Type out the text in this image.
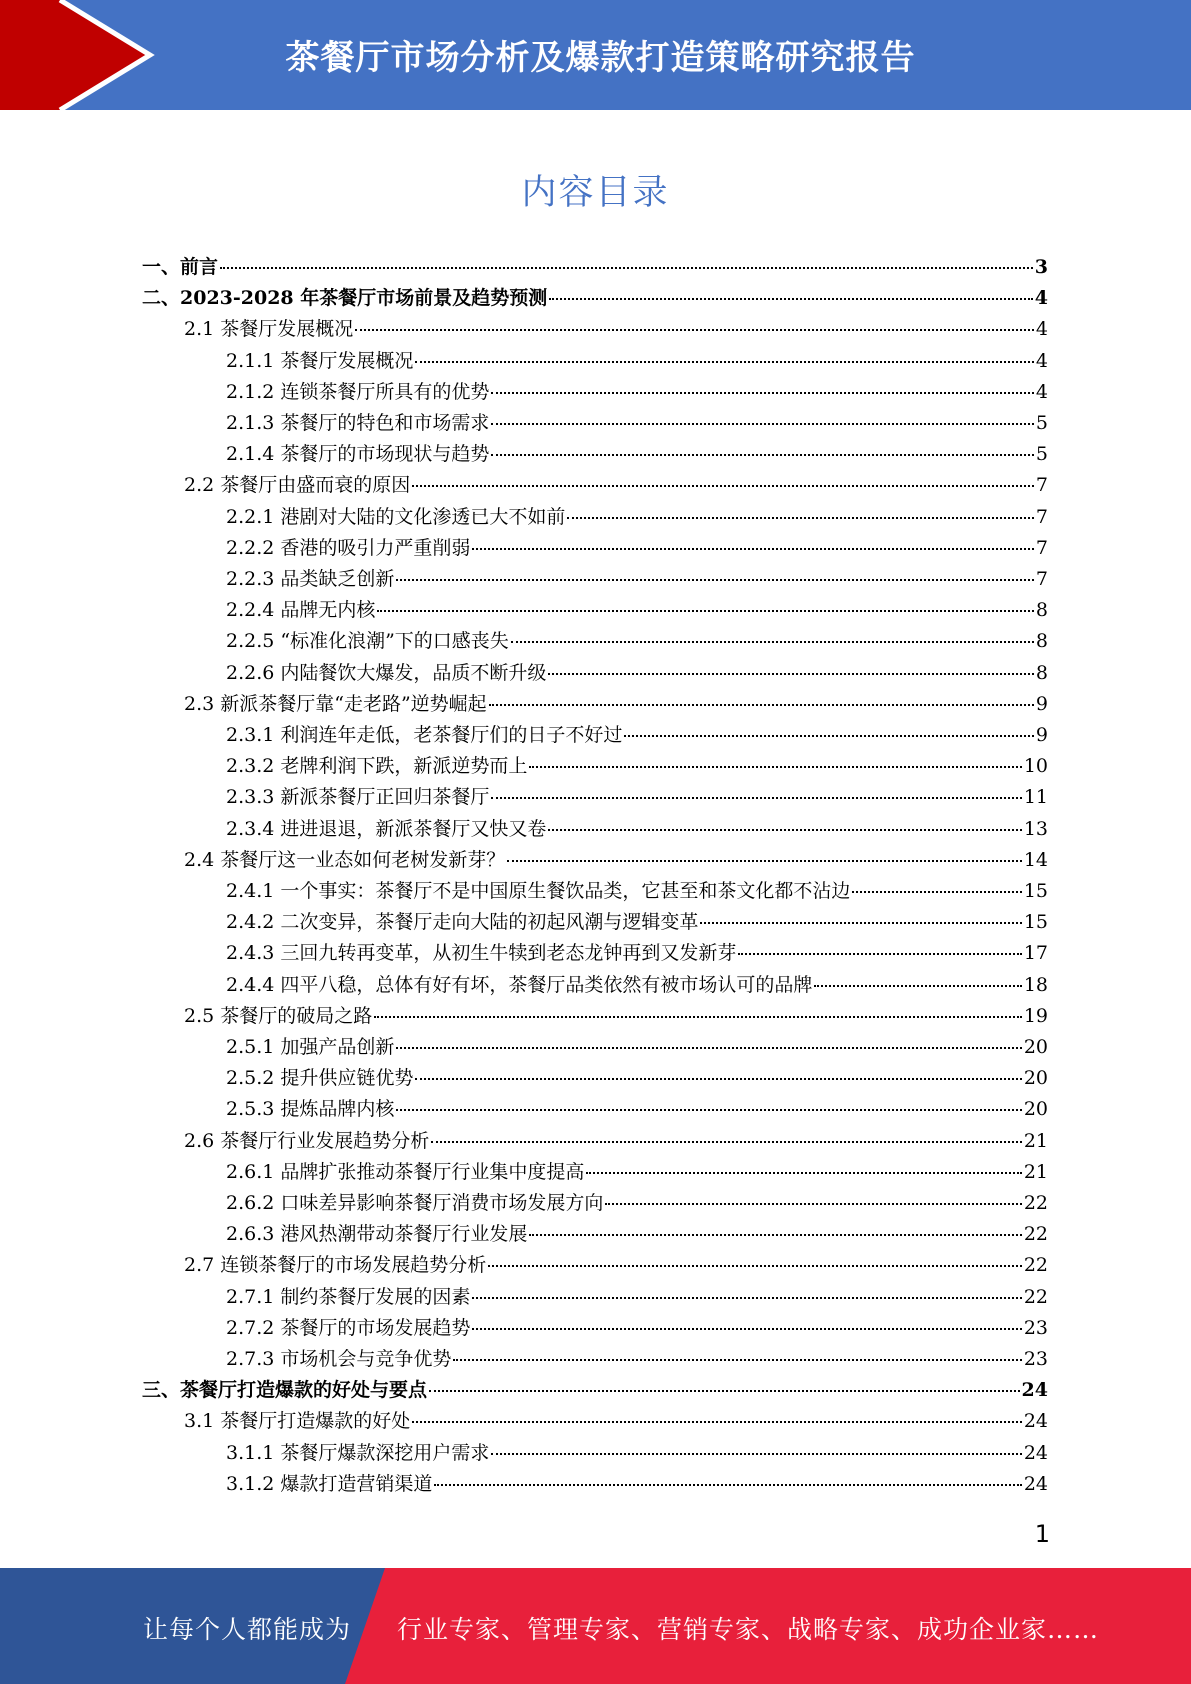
茶餐厅市场分析及爆款打造策略研究报告
内容目录
一、前言	3
二、2023-2028 年茶餐厅市场前景及趋势预测	4
2.1 茶餐厅发展概况	4
2.1.1 茶餐厅发展概况	4
2.1.2 连锁茶餐厅所具有的优势	4
2.1.3 茶餐厅的特色和市场需求	5
2.1.4 茶餐厅的市场现状与趋势	5
2.2 茶餐厅由盛而衰的原因	7
2.2.1 港剧对大陆的文化渗透已大不如前	7
2.2.2 香港的吸引力严重削弱	7
2.2.3 品类缺乏创新	7
2.2.4 品牌无内核	8
2.2.5 “标准化浪潮”下的口感丧失	8
2.2.6 内陆餐饮大爆发，品质不断升级	8
2.3 新派茶餐厅靠“走老路”逆势崛起	9
2.3.1 利润连年走低，老茶餐厅们的日子不好过	9
2.3.2 老牌利润下跌，新派逆势而上	10
2.3.3 新派茶餐厅正回归茶餐厅	11
2.3.4 进进退退，新派茶餐厅又快又卷	13
2.4 茶餐厅这一业态如何老树发新芽？	14
2.4.1 一个事实：茶餐厅不是中国原生餐饮品类，它甚至和茶文化都不沾边	15
2.4.2 二次变异，茶餐厅走向大陆的初起风潮与逻辑变革	15
2.4.3 三回九转再变革，从初生牛犊到老态龙钟再到又发新芽	17
2.4.4 四平八稳，总体有好有坏，茶餐厅品类依然有被市场认可的品牌	18
2.5 茶餐厅的破局之路	19
2.5.1 加强产品创新	20
2.5.2 提升供应链优势	20
2.5.3 提炼品牌内核	20
2.6 茶餐厅行业发展趋势分析	21
2.6.1 品牌扩张推动茶餐厅行业集中度提高	21
2.6.2 口味差异影响茶餐厅消费市场发展方向	22
2.6.3 港风热潮带动茶餐厅行业发展	22
2.7 连锁茶餐厅的市场发展趋势分析	22
2.7.1 制约茶餐厅发展的因素	22
2.7.2 茶餐厅的市场发展趋势	23
2.7.3 市场机会与竞争优势	23
三、茶餐厅打造爆款的好处与要点	24
3.1 茶餐厅打造爆款的好处	24
3.1.1 茶餐厅爆款深挖用户需求	24
3.1.2 爆款打造营销渠道	24
1
让每个人都能成为 行业专家、管理专家、营销专家、战略专家、成功企业家……
